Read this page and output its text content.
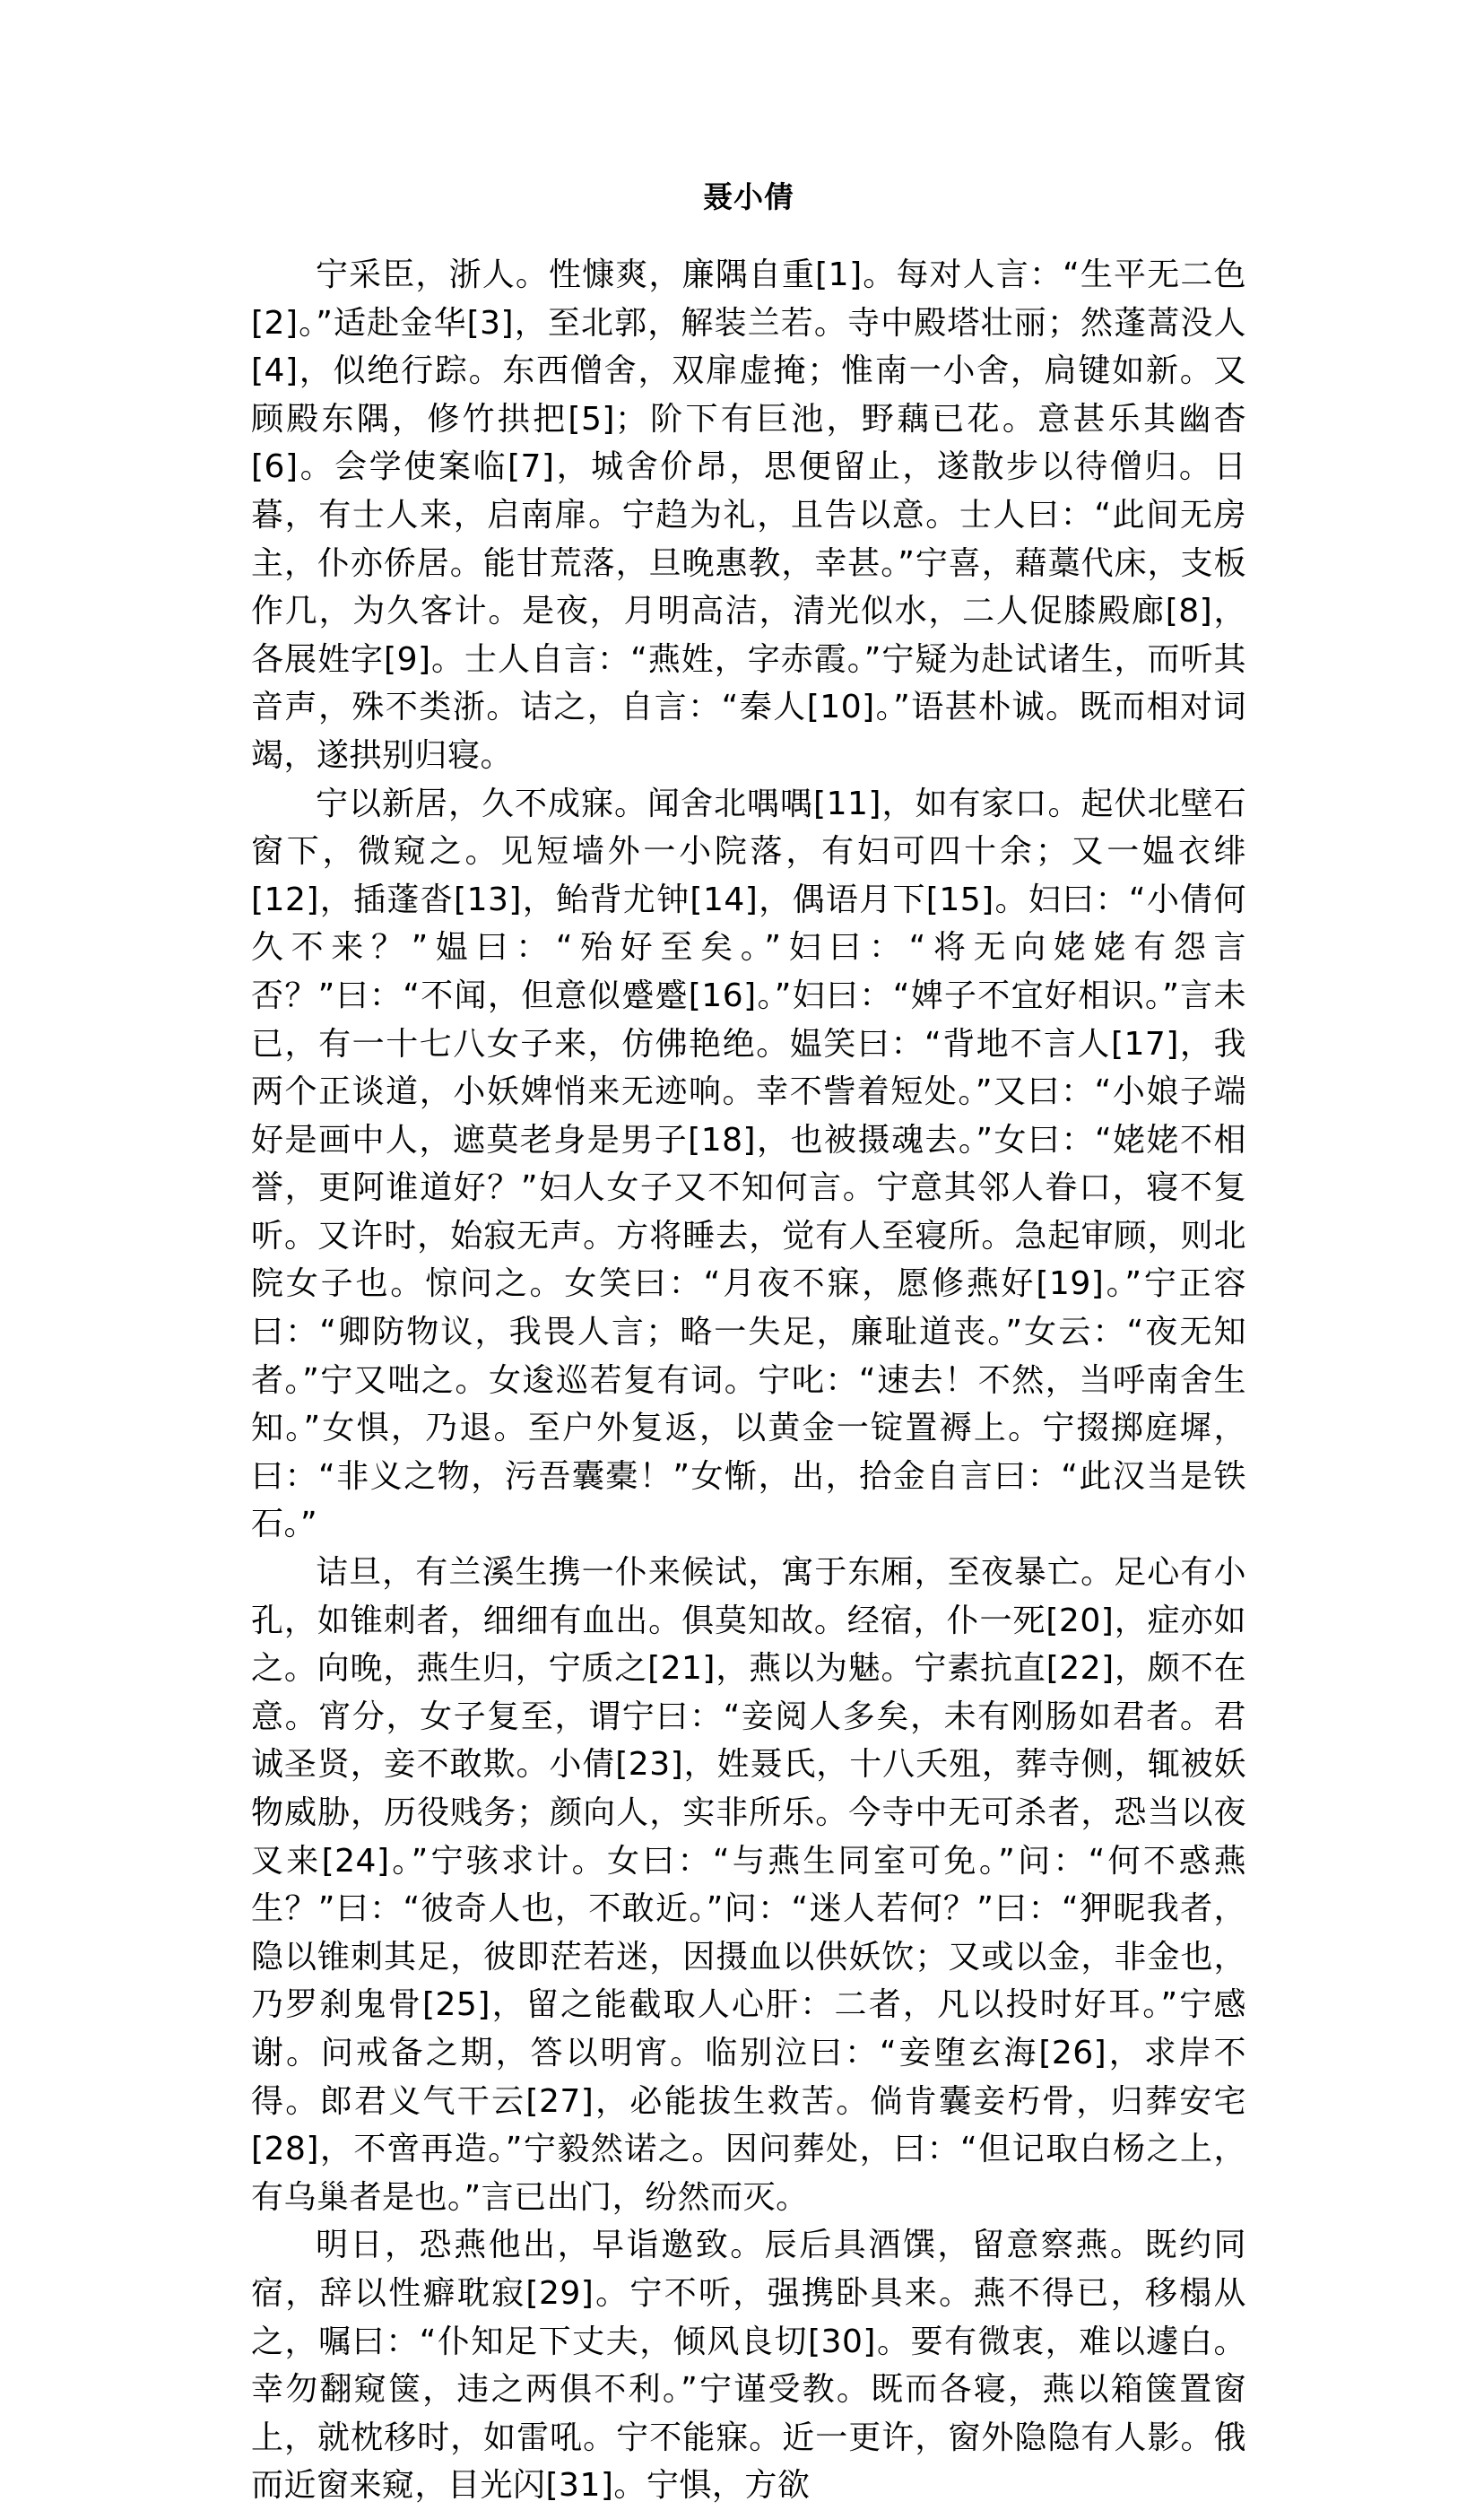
聂小倩

宁采臣，浙人。性慷爽，廉隅自重[1]。每对人言：“生平无二色[2]。”适赴金华[3]，至北郭，解装兰若。寺中殿塔壮丽；然蓬蒿没人[4]，似绝行踪。东西僧舍，双扉虚掩；惟南一小舍，扃键如新。又顾殿东隅，修竹拱把[5]；阶下有巨池，野藕已花。意甚乐其幽杳[6]。会学使案临[7]，城舍价昂，思便留止，遂散步以待僧归。日暮，有士人来，启南扉。宁趋为礼，且告以意。士人曰：“此间无房主，仆亦侨居。能甘荒落，旦晚惠教，幸甚。”宁喜，藉藁代床，支板作几，为久客计。是夜，月明高洁，清光似水，二人促膝殿廊[8]，各展姓字[9]。士人自言：“燕姓，字赤霞。”宁疑为赴试诸生，而听其音声，殊不类浙。诘之，自言：“秦人[10]。”语甚朴诚。既而相对词竭，遂拱别归寝。

宁以新居，久不成寐。闻舍北喁喁[11]，如有家口。起伏北壁石窗下，微窥之。见短墙外一小院落，有妇可四十余；又一媪衣绯[12]，插蓬沓[13]，鲐背尤钟[14]，偶语月下[15]。妇曰：“小倩何久不来？”媪曰：“殆好至矣。”妇曰：“将无向姥姥有怨言否？”曰：“不闻，但意似蹙蹙[16]。”妇曰：“婢子不宜好相识。”言未已，有一十七八女子来，仿佛艳绝。媪笑曰：“背地不言人[17]，我两个正谈道，小妖婢悄来无迹响。幸不訾着短处。”又曰：“小娘子端好是画中人，遮莫老身是男子[18]，也被摄魂去。”女曰：“姥姥不相誉，更阿谁道好？”妇人女子又不知何言。宁意其邻人眷口，寝不复听。又许时，始寂无声。方将睡去，觉有人至寝所。急起审顾，则北院女子也。惊问之。女笑曰：“月夜不寐，愿修燕好[19]。”宁正容曰：“卿防物议，我畏人言；略一失足，廉耻道丧。”女云：“夜无知者。”宁又咄之。女逡巡若复有词。宁叱：“速去！不然，当呼南舍生知。”女惧，乃退。至户外复返，以黄金一锭置褥上。宁掇掷庭墀，曰：“非义之物，污吾囊橐！”女惭，出，拾金自言曰：“此汉当是铁石。”

诘旦，有兰溪生携一仆来候试，寓于东厢，至夜暴亡。足心有小孔，如锥刺者，细细有血出。俱莫知故。经宿，仆一死[20]，症亦如之。向晚，燕生归，宁质之[21]，燕以为魅。宁素抗直[22]，颇不在意。宵分，女子复至，谓宁曰：“妾阅人多矣，未有刚肠如君者。君诚圣贤，妾不敢欺。小倩[23]，姓聂氏，十八夭殂，葬寺侧，辄被妖物威胁，历役贱务；颜向人，实非所乐。今寺中无可杀者，恐当以夜叉来[24]。”宁骇求计。女曰：“与燕生同室可免。”问：“何不惑燕生？”曰：“彼奇人也，不敢近。”问：“迷人若何？”曰：“狎昵我者，隐以锥刺其足，彼即茫若迷，因摄血以供妖饮；又或以金，非金也，乃罗刹鬼骨[25]，留之能截取人心肝：二者，凡以投时好耳。”宁感谢。问戒备之期，答以明宵。临别泣曰：“妾堕玄海[26]，求岸不得。郎君义气干云[27]，必能拔生救苦。倘肯囊妾朽骨，归葬安宅[28]，不啻再造。”宁毅然诺之。因问葬处，曰：“但记取白杨之上，有乌巢者是也。”言已出门，纷然而灭。

明日，恐燕他出，早诣邀致。辰后具酒馔，留意察燕。既约同宿，辞以性癖耽寂[29]。宁不听，强携卧具来。燕不得已，移榻从之，嘱曰：“仆知足下丈夫，倾风良切[30]。要有微衷，难以遽白。幸勿翻窥箧，违之两俱不利。”宁谨受教。既而各寝，燕以箱箧置窗上，就枕移时，如雷吼。宁不能寐。近一更许，窗外隐隐有人影。俄而近窗来窥，目光闪[31]。宁惧，方欲
